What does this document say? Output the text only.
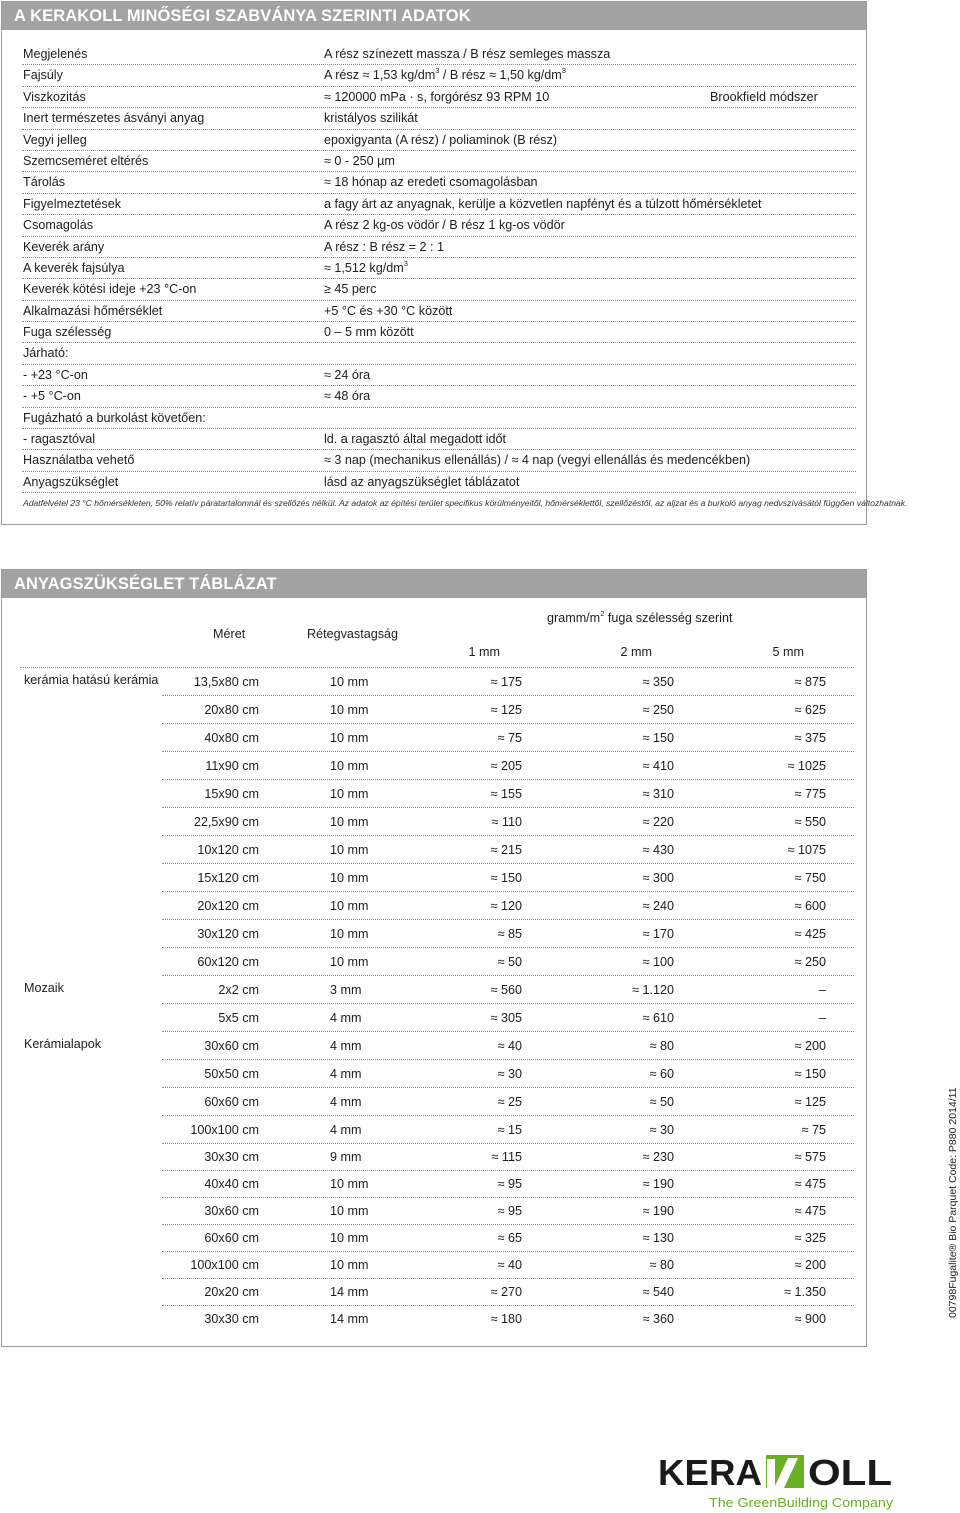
A KERAKOLL MINŐSÉGI SZABVÁNYA SZERINTI ADATOK
Megjelenés	A rész színezett massza / B rész semleges massza
Fajsúly	A rész ≈ 1,53 $kg/dm^3$ / B rész ≈ 1,50 $kg/dm^3$
Viszkozitás	≈ 120000 mPa · s, forgórész 93 RPM 10	Brookfield módszer
Inert természetes ásványi anyag	kristályos szilikát
Vegyi jelleg	epoxigyanta (A rész) / poliaminok (B rész)
Szemcseméret eltérés	≈ 0 - 250 µm
Tárolás	≈ 18 hónap az eredeti csomagolásban
Figyelmeztetések	a fagy árt az anyagnak, kerülje a közvetlen napfényt és a túlzott hőmérsékletet
Csomagolás	A rész 2 kg-os vödör / B rész 1 kg-os vödör
Keverék arány	A rész : B rész = 2 : 1
A keverék fajsúlya	≈ 1,512 $kg/dm^3$
Keverék kötési ideje +23 °C-on	≥ 45 perc
Alkalmazási hőmérséklet	+5 °C és +30 °C között
Fuga szélesség	0 – 5 mm között
Járható:
- +23 °C-on	≈ 24 óra
- +5 °C-on	≈ 48 óra
Fugázható a burkolást követően:
- ragasztóval	ld. a ragasztó által megadott időt
Használatba vehető	≈ 3 nap (mechanikus ellenállás) / ≈ 4 nap (vegyi ellenállás és medencékben)
Anyagszükséglet	lásd az anyagszükséglet táblázatot
Adatfelvétel 23 °C hőmérsékleten, 50% relatív páratartalomnál és szellőzés nélkül. Az adatok az építési terület specifikus körülményeitől, hőmérséklettől, szellőzéstől, az aljzat és a burkoló anyag nedvszívásától függően változhatnak.
ANYAGSZÜKSÉGLET TÁBLÁZAT
Méret	Rétegvastagság
gramm/$m^2$ fuga szélesség szerint
1 mm	2 mm	5 mm
kerámia hatású kerámia	13,5x80 cm	10 mm	≈ 175	≈ 350	≈ 875
20x80 cm	10 mm	≈ 125	≈ 250	≈ 625
40x80 cm	10 mm	≈ 75	≈ 150	≈ 375
11x90 cm	10 mm	≈ 205	≈ 410	≈ 1025
15x90 cm	10 mm	≈ 155	≈ 310	≈ 775
22,5x90 cm	10 mm	≈ 110	≈ 220	≈ 550
10x120 cm	10 mm	≈ 215	≈ 430	≈ 1075
15x120 cm	10 mm	≈ 150	≈ 300	≈ 750
20x120 cm	10 mm	≈ 120	≈ 240	≈ 600
30x120 cm	10 mm	≈ 85	≈ 170	≈ 425
60x120 cm	10 mm	≈ 50	≈ 100	≈ 250
Mozaik	2x2 cm	3 mm	≈ 560	≈ 1.120	–
5x5 cm	4 mm	≈ 305	≈ 610	–
Kerámialapok	30x60 cm	4 mm	≈ 40	≈ 80	≈ 200
50x50 cm	4 mm	≈ 30	≈ 60	≈ 150
60x60 cm	4 mm	≈ 25	≈ 50	≈ 125
100x100 cm	4 mm	≈ 15	≈ 30	≈ 75
30x30 cm	9 mm	≈ 115	≈ 230	≈ 575
40x40 cm	10 mm	≈ 95	≈ 190	≈ 475
30x60 cm	10 mm	≈ 95	≈ 190	≈ 475
60x60 cm	10 mm	≈ 65	≈ 130	≈ 325
100x100 cm	10 mm	≈ 40	≈ 80	≈ 200
20x20 cm	14 mm	≈ 270	≈ 540	≈ 1.350
30x30 cm	14 mm	≈ 180	≈ 360	≈ 900
00798Fugalite® Bio Parquet Code: P880 2014/11
KERA OLL
The GreenBuilding Company
